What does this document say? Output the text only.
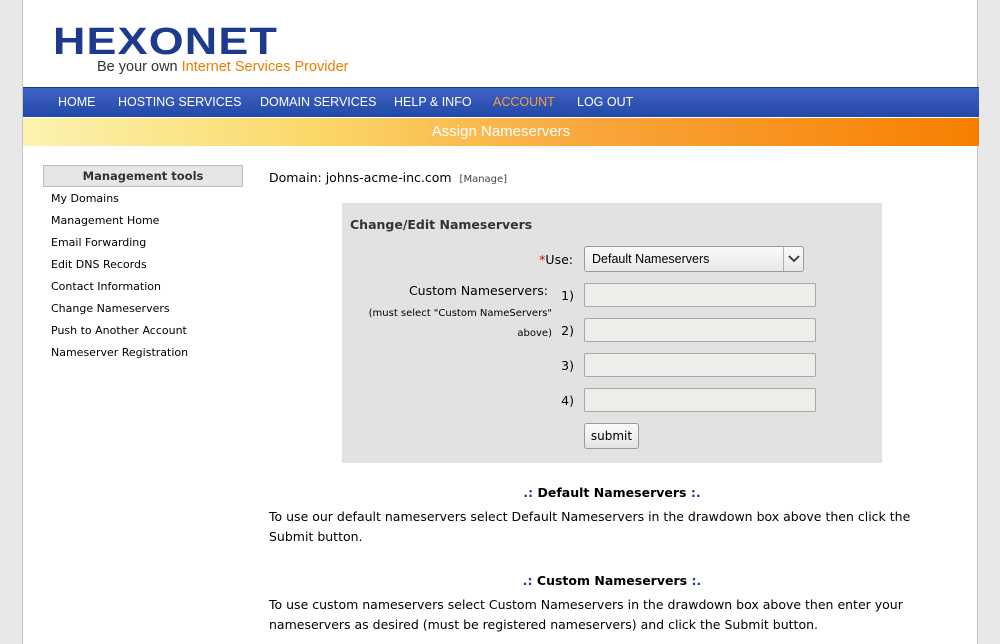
HEXONET
Be your own Internet Services Provider
HOME HOSTING SERVICES DOMAIN SERVICES HELP & INFO ACCOUNT LOG OUT
Assign Nameservers
Management tools
My Domains
Management Home
Email Forwarding
Edit DNS Records
Contact Information
Change Nameservers
Push to Another Account
Nameserver Registration
Domain: johns-acme-inc.com [Manage]
Change/Edit Nameservers
*Use: Default Nameservers
Custom Nameservers:
(must select "Custom NameServers"
above)
1)
2)
3)
4)
submit
.: Default Nameservers :.
To use our default nameservers select Default Nameservers in the drawdown box above then click the Submit button.
.: Custom Nameservers :.
To use custom nameservers select Custom Nameservers in the drawdown box above then enter your nameservers as desired (must be registered nameservers) and click the Submit button.
